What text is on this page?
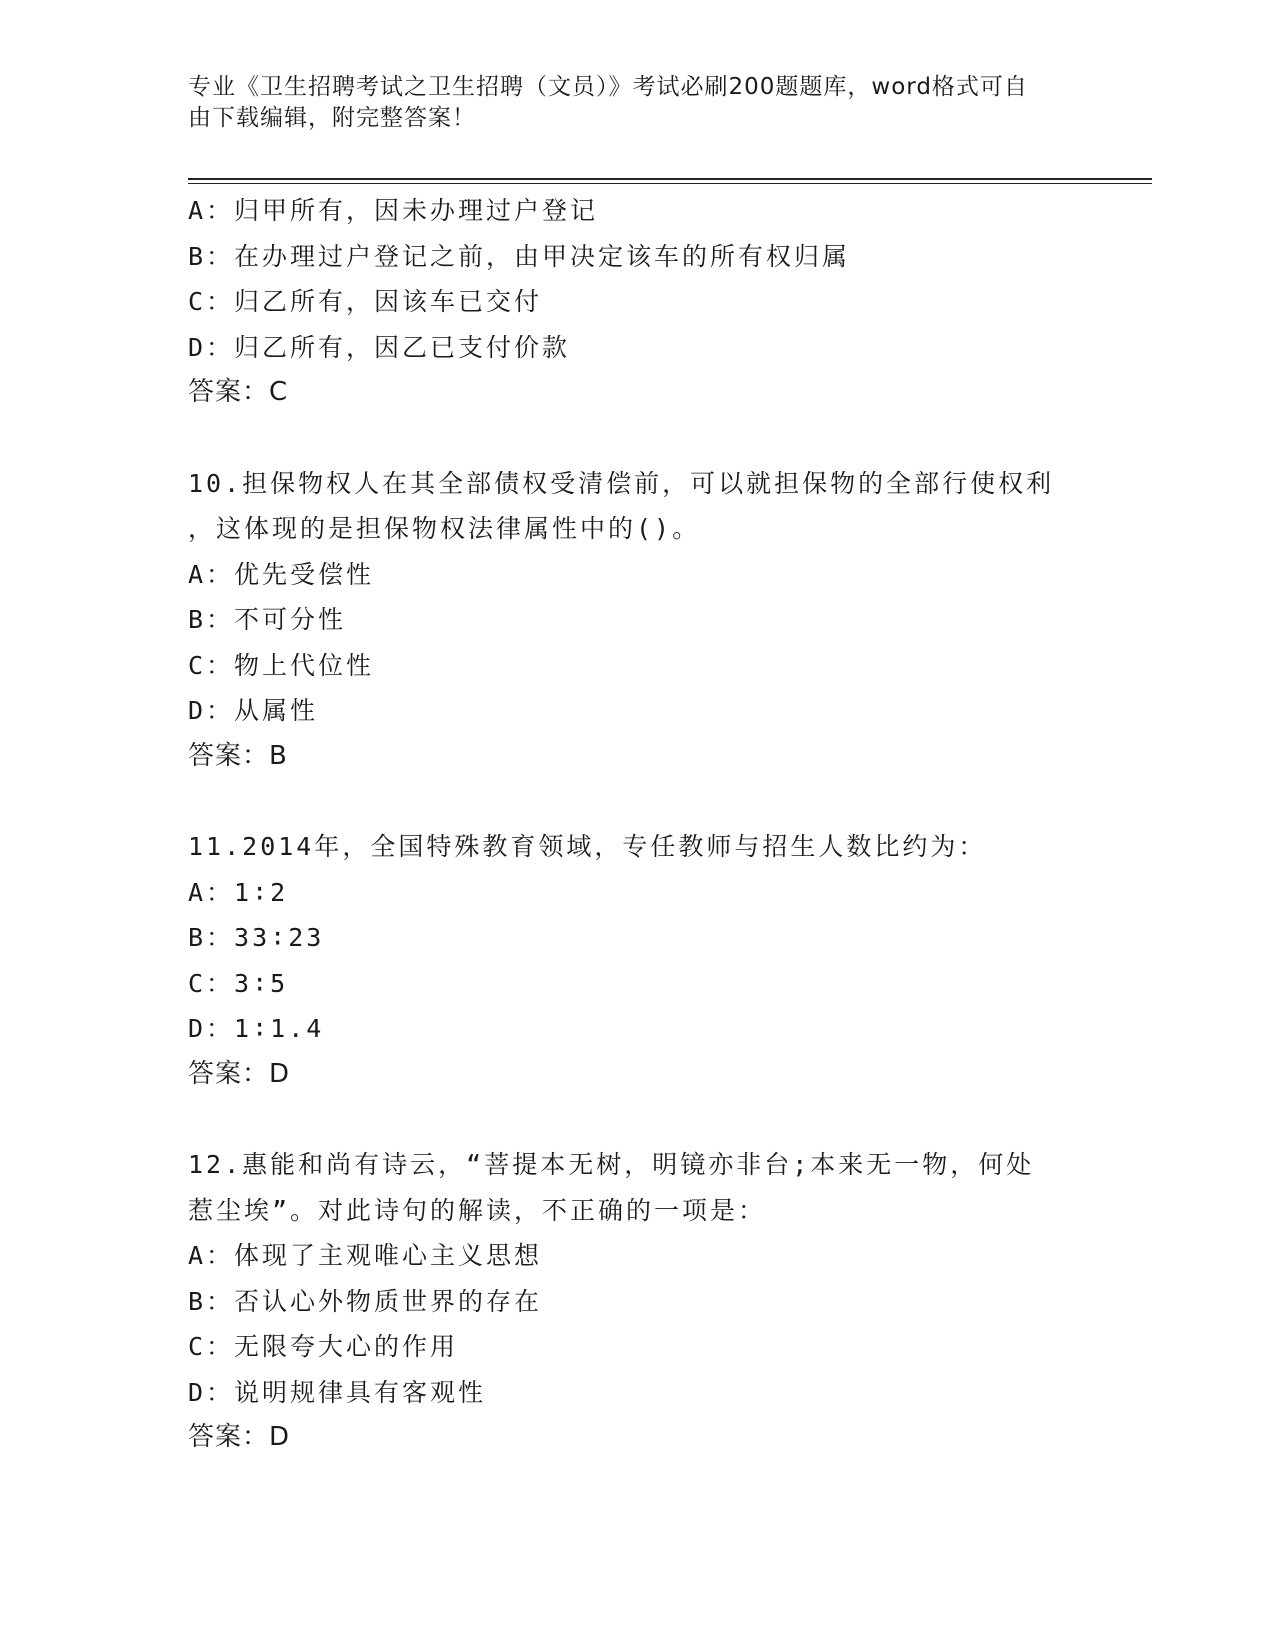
专业《卫生招聘考试之卫生招聘（文员）》考试必刷200题题库，word格式可自
由下载编辑，附完整答案！
A：归甲所有，因未办理过户登记
B：在办理过户登记之前，由甲决定该车的所有权归属
C：归乙所有，因该车已交付
D：归乙所有，因乙已支付价款
答案：C
10.担保物权人在其全部债权受清偿前，可以就担保物的全部行使权利
，这体现的是担保物权法律属性中的()。
A：优先受偿性
B：不可分性
C：物上代位性
D：从属性
答案：B
11.2014年，全国特殊教育领域，专任教师与招生人数比约为：
A：1∶2
B：33∶23
C：3∶5
D：1∶1.4
答案：D
12.惠能和尚有诗云，“菩提本无树，明镜亦非台;本来无一物，何处
惹尘埃”。对此诗句的解读，不正确的一项是：
A：体现了主观唯心主义思想
B：否认心外物质世界的存在
C：无限夸大心的作用
D：说明规律具有客观性
答案：D
